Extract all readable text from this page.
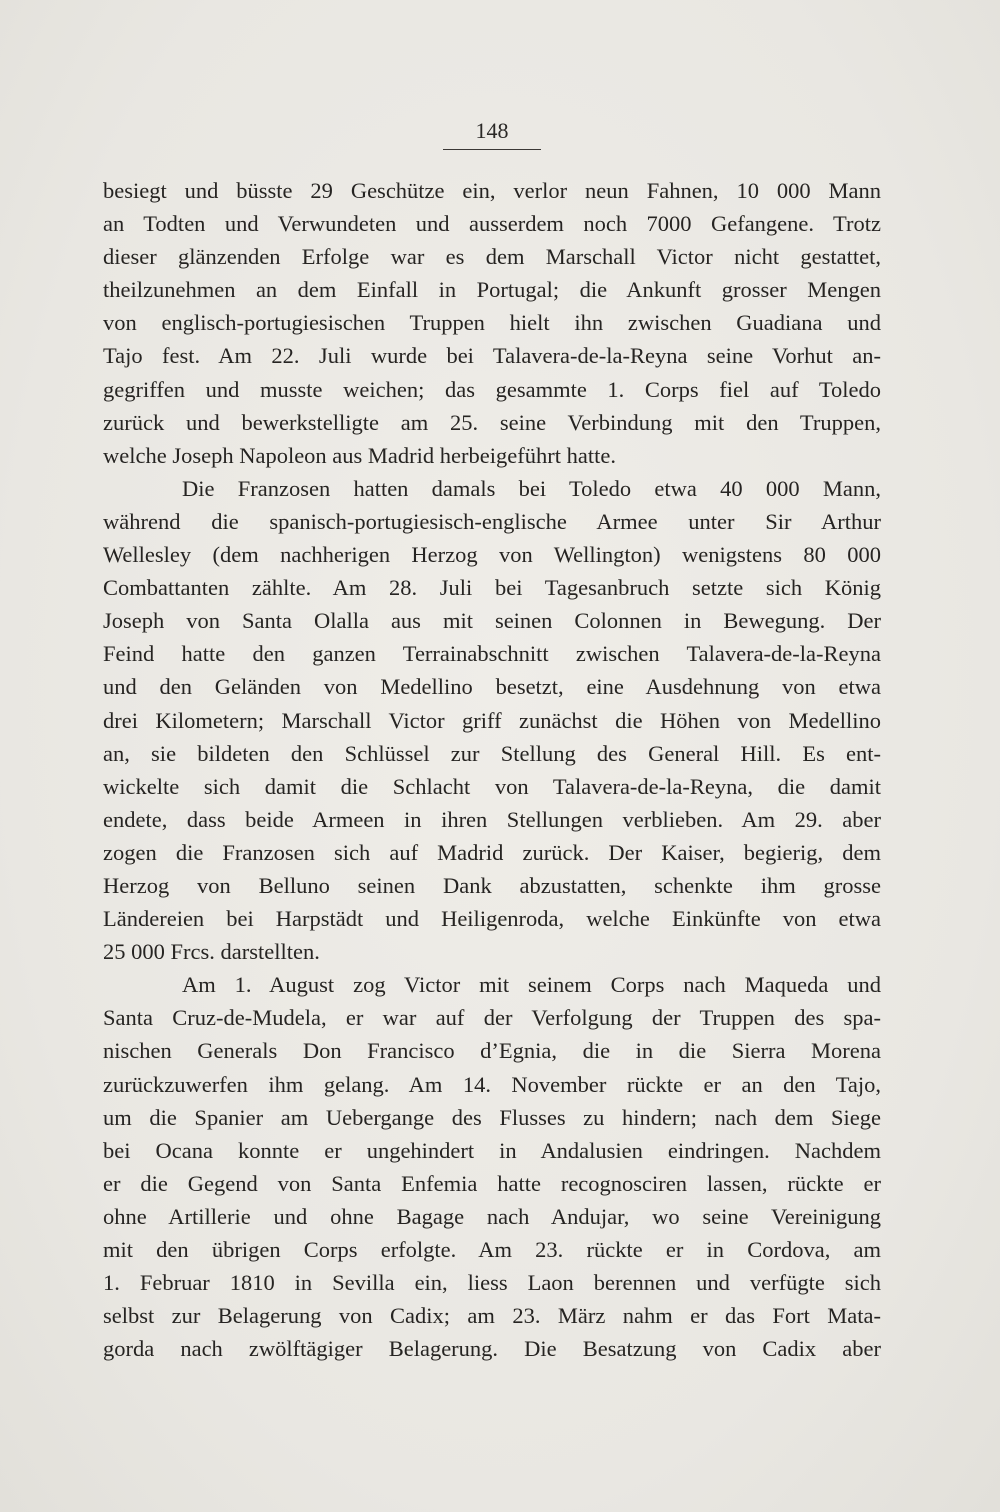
148
besiegt und büsste 29 Geschütze ein, verlor neun Fahnen, 10 000 Mann
an Todten und Verwundeten und ausserdem noch 7000 Gefangene. Trotz
dieser glänzenden Erfolge war es dem Marschall Victor nicht gestattet,
theilzunehmen an dem Einfall in Portugal; die Ankunft grosser Mengen
von englisch-portugiesischen Truppen hielt ihn zwischen Guadiana und
Tajo fest. Am 22. Juli wurde bei Talavera-de-la-Reyna seine Vorhut an-
gegriffen und musste weichen; das gesammte 1. Corps fiel auf Toledo
zurück und bewerkstelligte am 25. seine Verbindung mit den Truppen,
welche Joseph Napoleon aus Madrid herbeigeführt hatte.
Die Franzosen hatten damals bei Toledo etwa 40 000 Mann,
während die spanisch-portugiesisch-englische Armee unter Sir Arthur
Wellesley (dem nachherigen Herzog von Wellington) wenigstens 80 000
Combattanten zählte. Am 28. Juli bei Tagesanbruch setzte sich König
Joseph von Santa Olalla aus mit seinen Colonnen in Bewegung. Der
Feind hatte den ganzen Terrainabschnitt zwischen Talavera-de-la-Reyna
und den Geländen von Medellino besetzt, eine Ausdehnung von etwa
drei Kilometern; Marschall Victor griff zunächst die Höhen von Medellino
an, sie bildeten den Schlüssel zur Stellung des General Hill. Es ent-
wickelte sich damit die Schlacht von Talavera-de-la-Reyna, die damit
endete, dass beide Armeen in ihren Stellungen verblieben. Am 29. aber
zogen die Franzosen sich auf Madrid zurück. Der Kaiser, begierig, dem
Herzog von Belluno seinen Dank abzustatten, schenkte ihm grosse
Ländereien bei Harpstädt und Heiligenroda, welche Einkünfte von etwa
25 000 Frcs. darstellten.
Am 1. August zog Victor mit seinem Corps nach Maqueda und
Santa Cruz-de-Mudela, er war auf der Verfolgung der Truppen des spa-
nischen Generals Don Francisco d’Egnia, die in die Sierra Morena
zurückzuwerfen ihm gelang. Am 14. November rückte er an den Tajo,
um die Spanier am Uebergange des Flusses zu hindern; nach dem Siege
bei Ocana konnte er ungehindert in Andalusien eindringen. Nachdem
er die Gegend von Santa Enfemia hatte recognosciren lassen, rückte er
ohne Artillerie und ohne Bagage nach Andujar, wo seine Vereinigung
mit den übrigen Corps erfolgte. Am 23. rückte er in Cordova, am
1. Februar 1810 in Sevilla ein, liess Laon berennen und verfügte sich
selbst zur Belagerung von Cadix; am 23. März nahm er das Fort Mata-
gorda nach zwölftägiger Belagerung. Die Besatzung von Cadix aber
